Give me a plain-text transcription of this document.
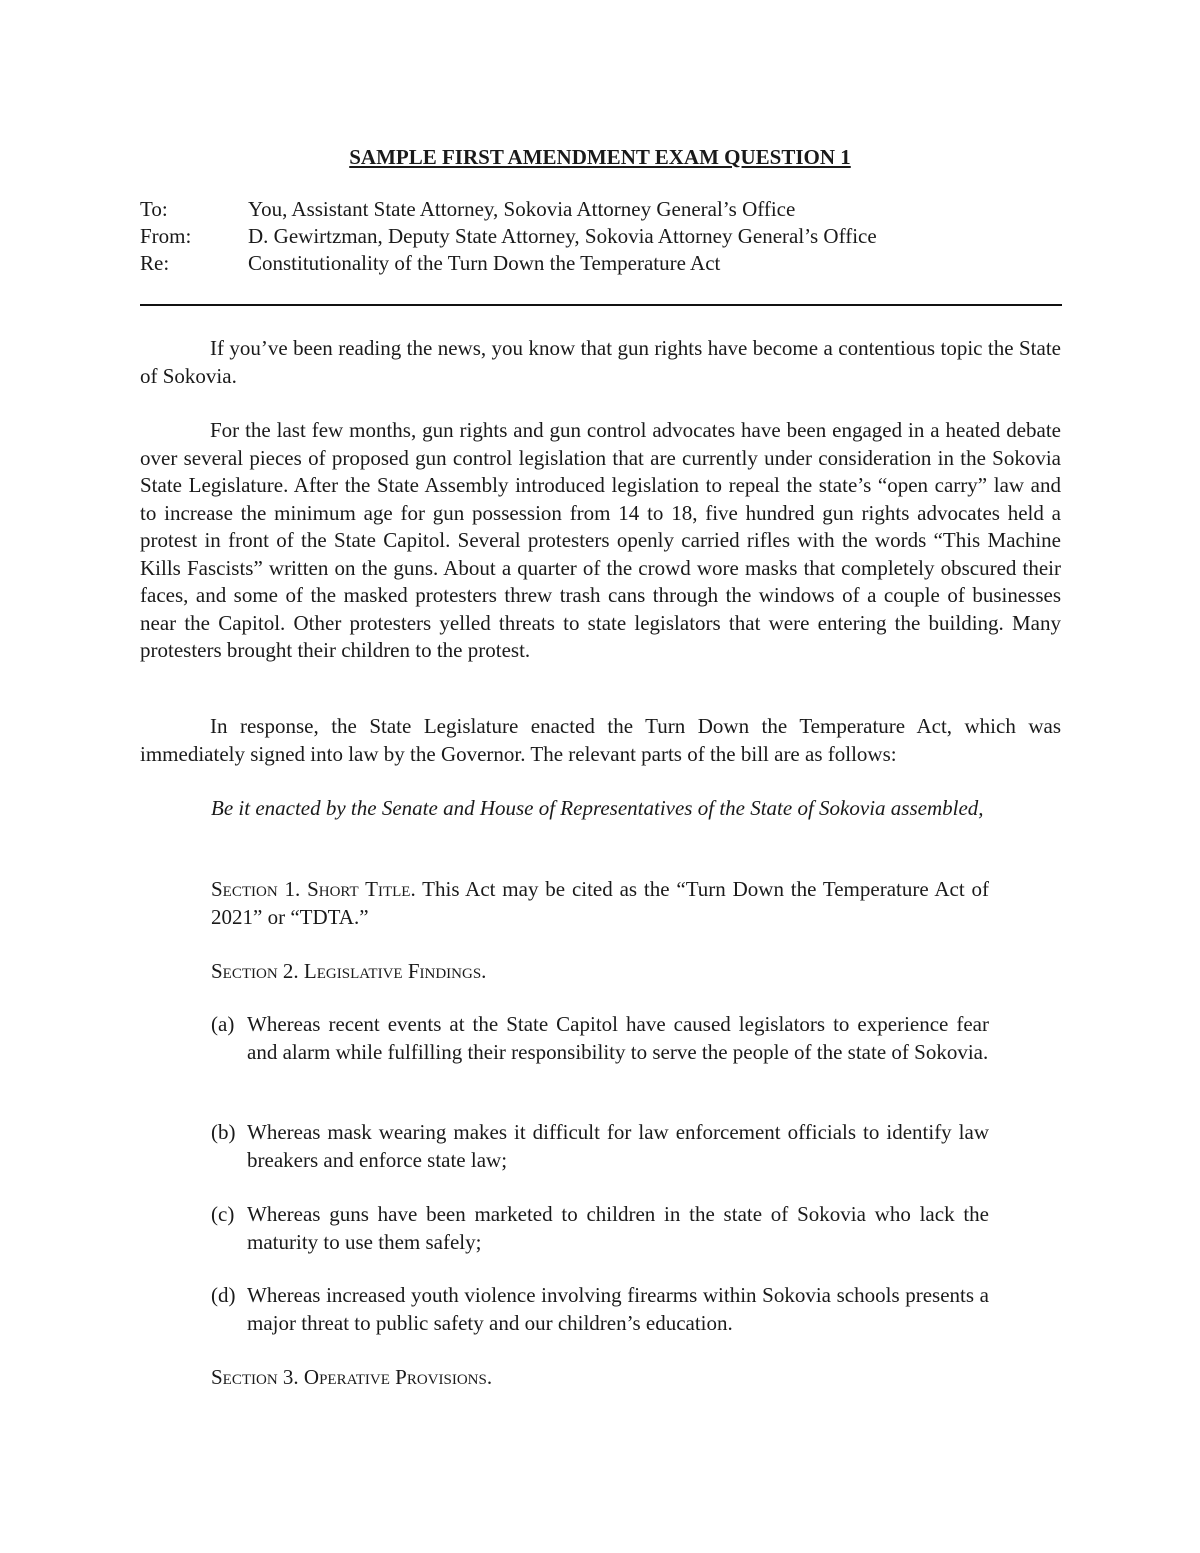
SAMPLE FIRST AMENDMENT EXAM QUESTION 1
To:	You, Assistant State Attorney, Sokovia Attorney General’s Office
From:	D. Gewirtzman, Deputy State Attorney, Sokovia Attorney General’s Office
Re:	Constitutionality of the Turn Down the Temperature Act

If you’ve been reading the news, you know that gun rights have become a contentious topic the State of Sokovia.

For the last few months, gun rights and gun control advocates have been engaged in a heated debate over several pieces of proposed gun control legislation that are currently under consideration in the Sokovia State Legislature. After the State Assembly introduced legislation to repeal the state’s “open carry” law and to increase the minimum age for gun possession from 14 to 18, five hundred gun rights advocates held a protest in front of the State Capitol. Several protesters openly carried rifles with the words “This Machine Kills Fascists” written on the guns. About a quarter of the crowd wore masks that completely obscured their faces, and some of the masked protesters threw trash cans through the windows of a couple of businesses near the Capitol. Other protesters yelled threats to state legislators that were entering the building. Many protesters brought their children to the protest.

In response, the State Legislature enacted the Turn Down the Temperature Act, which was immediately signed into law by the Governor. The relevant parts of the bill are as follows:

Be it enacted by the Senate and House of Representatives of the State of Sokovia assembled,

Section 1. Short Title. This Act may be cited as the “Turn Down the Temperature Act of 2021” or “TDTA.”

Section 2. Legislative Findings.

(a) Whereas recent events at the State Capitol have caused legislators to experience fear and alarm while fulfilling their responsibility to serve the people of the state of Sokovia.

(b) Whereas mask wearing makes it difficult for law enforcement officials to identify law breakers and enforce state law;

(c) Whereas guns have been marketed to children in the state of Sokovia who lack the maturity to use them safely;

(d) Whereas increased youth violence involving firearms within Sokovia schools presents a major threat to public safety and our children’s education.

Section 3. Operative Provisions.
